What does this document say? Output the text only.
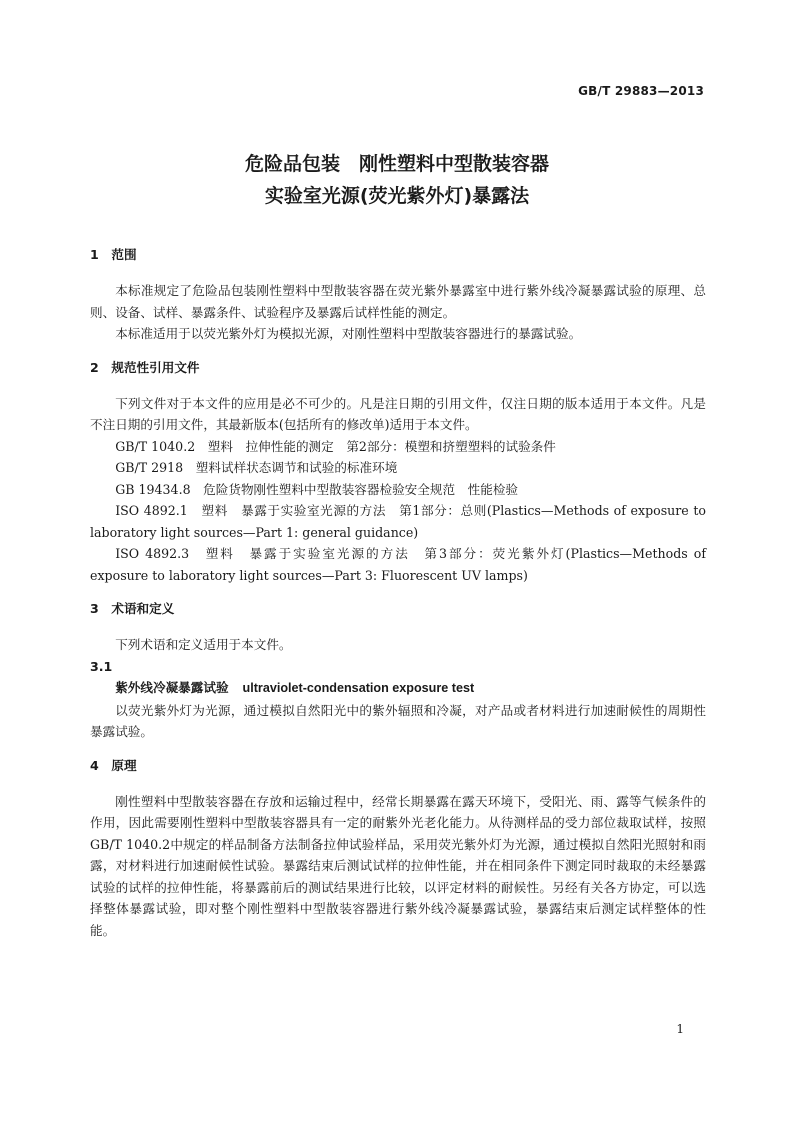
GB/T 29883—2013
危险品包装　刚性塑料中型散装容器
实验室光源(荧光紫外灯)暴露法
1　范围

本标准规定了危险品包装刚性塑料中型散装容器在荧光紫外暴露室中进行紫外线冷凝暴露试验的原理、总则、设备、试样、暴露条件、试验程序及暴露后试样性能的测定。

本标准适用于以荧光紫外灯为模拟光源，对刚性塑料中型散装容器进行的暴露试验。

2　规范性引用文件

下列文件对于本文件的应用是必不可少的。凡是注日期的引用文件，仅注日期的版本适用于本文件。凡是不注日期的引用文件，其最新版本(包括所有的修改单)适用于本文件。

GB/T 1040.2　塑料　拉伸性能的测定　第2部分：模塑和挤塑塑料的试验条件

GB/T 2918　塑料试样状态调节和试验的标准环境

GB 19434.8　危险货物刚性塑料中型散装容器检验安全规范　性能检验

ISO 4892.1　塑料　暴露于实验室光源的方法　第1部分：总则(Plastics—Methods of exposure to laboratory light sources—Part 1: general guidance)

ISO 4892.3　塑料　暴露于实验室光源的方法　第3部分：荧光紫外灯(Plastics—Methods of exposure to laboratory light sources—Part 3: Fluorescent UV lamps)

3　术语和定义

下列术语和定义适用于本文件。

3.1
紫外线冷凝暴露试验 ultraviolet-condensation exposure test

以荧光紫外灯为光源，通过模拟自然阳光中的紫外辐照和冷凝，对产品或者材料进行加速耐候性的周期性暴露试验。

4　原理

刚性塑料中型散装容器在存放和运输过程中，经常长期暴露在露天环境下，受阳光、雨、露等气候条件的作用，因此需要刚性塑料中型散装容器具有一定的耐紫外光老化能力。从待测样品的受力部位裁取试样，按照GB/T 1040.2中规定的样品制备方法制备拉伸试验样品，采用荧光紫外灯为光源，通过模拟自然阳光照射和雨露，对材料进行加速耐候性试验。暴露结束后测试试样的拉伸性能，并在相同条件下测定同时裁取的未经暴露试验的试样的拉伸性能，将暴露前后的测试结果进行比较，以评定材料的耐候性。另经有关各方协定，可以选择整体暴露试验，即对整个刚性塑料中型散装容器进行紫外线冷凝暴露试验，暴露结束后测定试样整体的性能。

1
